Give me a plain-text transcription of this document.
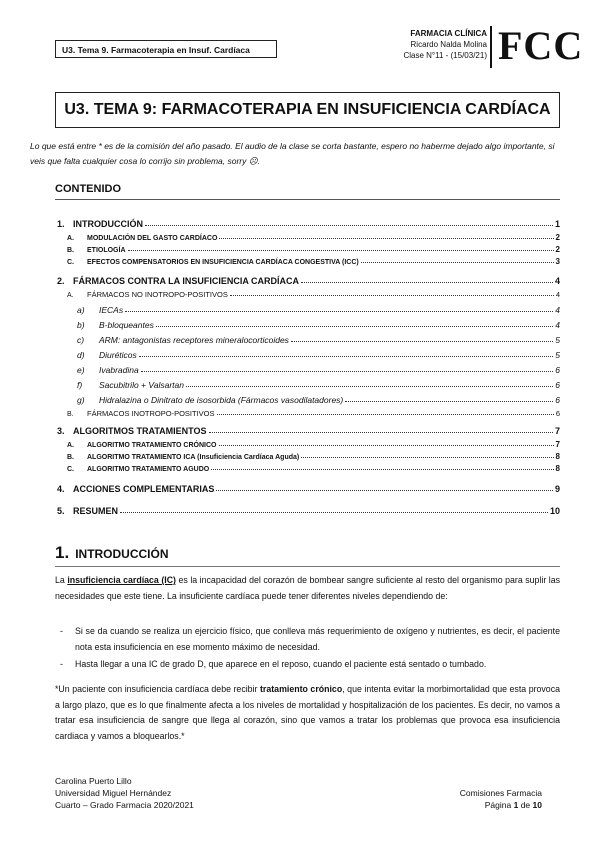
U3. Tema 9. Farmacoterapia en Insuf. Cardíaca
FARMACIA CLÍNICA
Ricardo Nalda Molina
Clase N°11 - (15/03/21) FCC
U3. TEMA 9: FARMACOTERAPIA EN INSUFICIENCIA CARDÍACA
Lo que está entre * es de la comisión del año pasado. El audio de la clase se corta bastante, espero no haberme dejado algo importante, si veis que falta cualquier cosa lo corrijo sin problema, sorry ☹.
CONTENIDO
1. INTRODUCCIÓN	1
A.	MODULACIÓN DEL GASTO CARDÍACO	2
B.	ETIOLOGÍA	2
C.	EFECTOS COMPENSATORIOS EN INSUFICIENCIA CARDÍACA CONGESTIVA (ICC)	3
2. FÁRMACOS CONTRA LA INSUFICIENCIA CARDÍACA	4
A.	FÁRMACOS NO INOTROPO-POSITIVOS	4
a)	IECAs	4
b)	B-bloqueantes	4
c)	ARM: antagonistas receptores mineralocorticoides	5
d)	Diuréticos	5
e)	Ivabradina	6
f)	Sacubitrilo + Valsartan	6
g)	Hidralazina o Dinitrato de isosorbida (Fármacos vasodilatadores)	6
B.	FÁRMACOS INOTROPO-POSITIVOS	6
3. ALGORITMOS TRATAMIENTOS	7
A.	ALGORITMO TRATAMIENTO CRÓNICO	7
B.	ALGORITMO TRATAMIENTO ICA (Insuficiencia Cardíaca Aguda)	8
C.	ALGORITMO TRATAMIENTO AGUDO	8
4. ACCIONES COMPLEMENTARIAS	9
5. RESUMEN	10
1. INTRODUCCIÓN
La insuficiencia cardíaca (IC) es la incapacidad del corazón de bombear sangre suficiente al resto del organismo para suplir las necesidades que este tiene. La insuficiente cardíaca puede tener diferentes niveles dependiendo de:
- Si se da cuando se realiza un ejercicio físico, que conlleva más requerimiento de oxígeno y nutrientes, es decir, el paciente nota esta insuficiencia en ese momento máximo de necesidad.
- Hasta llegar a una IC de grado D, que aparece en el reposo, cuando el paciente está sentado o tumbado.
*Un paciente con insuficiencia cardíaca debe recibir tratamiento crónico, que intenta evitar la morbimortalidad que esta provoca a largo plazo, que es lo que finalmente afecta a los niveles de mortalidad y hospitalización de los pacientes. Es decir, no vamos a tratar esa insuficiencia de sangre que llega al corazón, sino que vamos a tratar los problemas que provoca esa insuficiencia cardiaca y vamos a bloquearlos.*
Carolina Puerto Lillo
Universidad Miguel Hernández
Cuarto – Grado Farmacia 2020/2021
Comisiones Farmacia
Página 1 de 10
